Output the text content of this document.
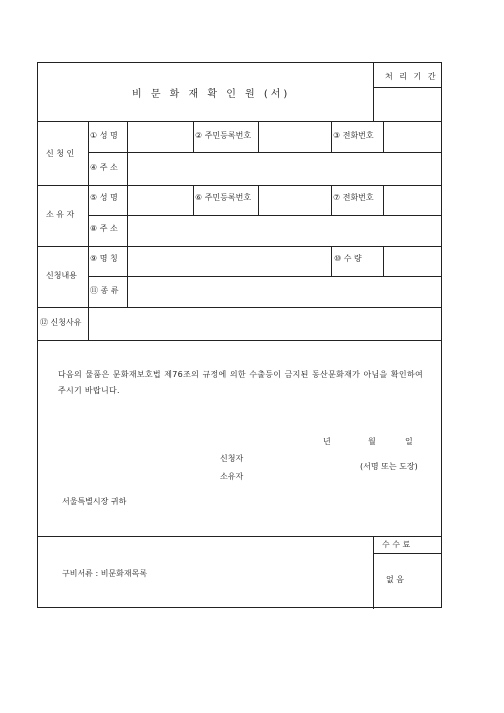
비 문 화 재 확 인 원 (서)
처 리 기 간
신 청 인
① 성 명	② 주민등록번호	③ 전화번호
④ 주 소
소 유 자
⑤ 성 명	⑥ 주민등록번호	⑦ 전화번호
⑧ 주 소
신청내용
⑨ 명 칭	⑩ 수 량
⑪ 종 류
⑫ 신청사유
다음의 물품은 문화재보호법 제76조의 규정에 의한 수출등이 금지된 동산문화재가 아님을 확인하여 주시기 바랍니다.
년	월	일
신청자
(서명 또는 도장)
소유자
서울특별시장 귀하
구비서류 : 비문화재목록
수 수 료
없 음
